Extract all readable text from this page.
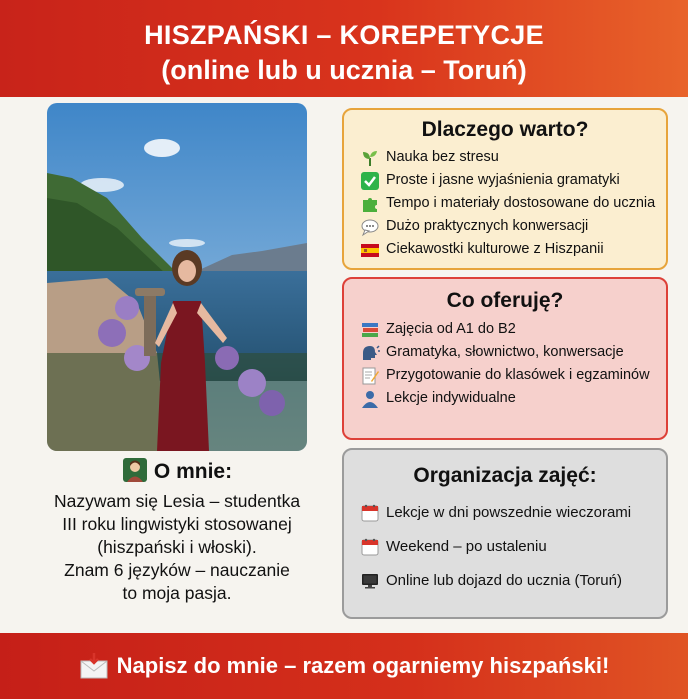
HISZPAŃSKI – KOREPETYCJE
(online lub u ucznia – Toruń)
O mnie:
Nazywam się Lesia – studentka
III roku lingwistyki stosowanej
(hiszpański i włoski).
Znam 6 języków – nauczanie
to moja pasja.
Dlaczego warto?
Nauka bez stresu
Proste i jasne wyjaśnienia gramatyki
Tempo i materiały dostosowane do ucznia
Dużo praktycznych konwersacji
Ciekawostki kulturowe z Hiszpanii
Co oferuję?
Zajęcia od A1 do B2
Gramatyka, słownictwo, konwersacje
Przygotowanie do klasówek i egzaminów
Lekcje indywidualne
Organizacja zajęć:
Lekcje w dni powszednie wieczorami
Weekend – po ustaleniu
Online lub dojazd do ucznia (Toruń)
Napisz do mnie – razem ogarniemy hiszpański!
